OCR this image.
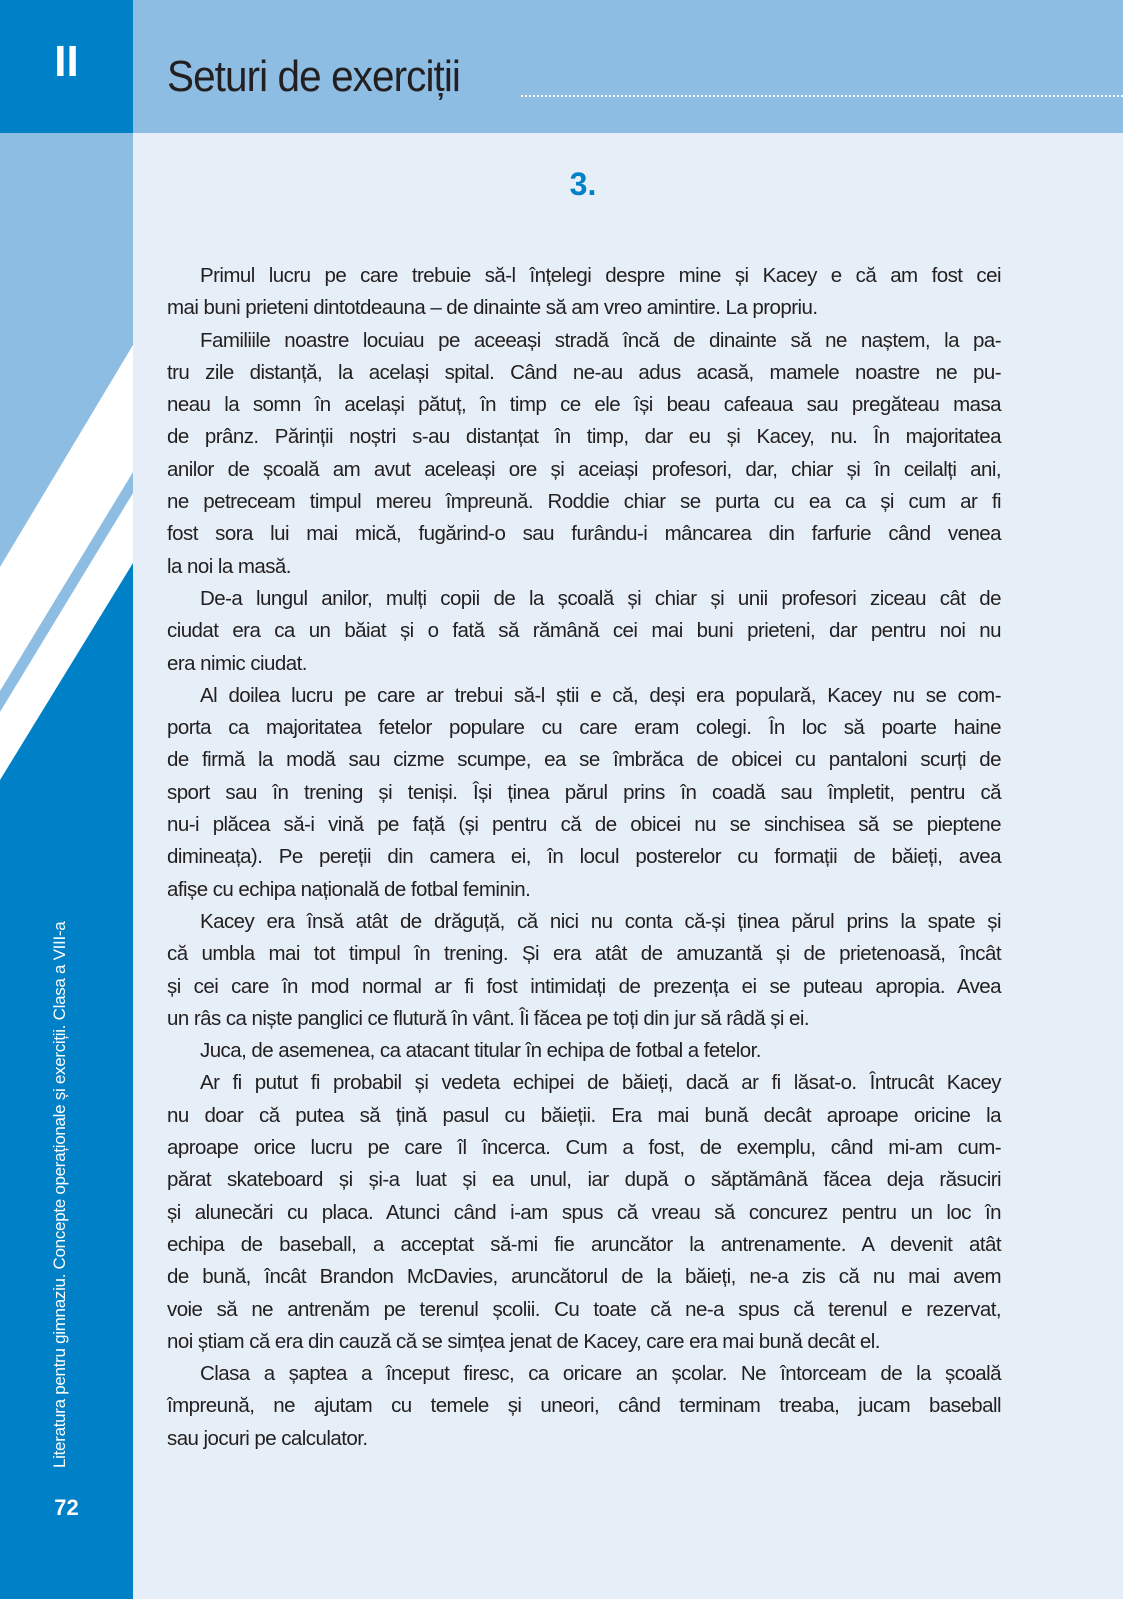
II
Literatura pentru gimnaziu. Concepte operaționale și exerciții. Clasa a VIII-a
72
Seturi de exerciții
3.
Primul lucru pe care trebuie să-l înțelegi despre mine și Kacey e că am fost cei
mai buni prieteni dintotdeauna – de dinainte să am vreo amintire. La propriu.
Familiile noastre locuiau pe aceeași stradă încă de dinainte să ne naștem, la pa-
tru zile distanță, la același spital. Când ne-au adus acasă, mamele noastre ne pu-
neau la somn în același pătuț, în timp ce ele își beau cafeaua sau pregăteau masa
de prânz. Părinții noștri s-au distanțat în timp, dar eu și Kacey, nu. În majoritatea
anilor de școală am avut aceleași ore și aceiași profesori, dar, chiar și în ceilalți ani,
ne petreceam timpul mereu împreună. Roddie chiar se purta cu ea ca și cum ar fi
fost sora lui mai mică, fugărind-o sau furându-i mâncarea din farfurie când venea
la noi la masă.
De-a lungul anilor, mulți copii de la școală și chiar și unii profesori ziceau cât de
ciudat era ca un băiat și o fată să rămână cei mai buni prieteni, dar pentru noi nu
era nimic ciudat.
Al doilea lucru pe care ar trebui să-l știi e că, deși era populară, Kacey nu se com-
porta ca majoritatea fetelor populare cu care eram colegi. În loc să poarte haine
de firmă la modă sau cizme scumpe, ea se îmbrăca de obicei cu pantaloni scurți de
sport sau în trening și teniși. Își ținea părul prins în coadă sau împletit, pentru că
nu-i plăcea să-i vină pe față (și pentru că de obicei nu se sinchisea să se pieptene
dimineața). Pe pereții din camera ei, în locul posterelor cu formații de băieți, avea
afișe cu echipa națională de fotbal feminin.
Kacey era însă atât de drăguță, că nici nu conta că-și ținea părul prins la spate și
că umbla mai tot timpul în trening. Și era atât de amuzantă și de prietenoasă, încât
și cei care în mod normal ar fi fost intimidați de prezența ei se puteau apropia. Avea
un râs ca niște panglici ce flutură în vânt. Îi făcea pe toți din jur să râdă și ei.
Juca, de asemenea, ca atacant titular în echipa de fotbal a fetelor.
Ar fi putut fi probabil și vedeta echipei de băieți, dacă ar fi lăsat-o. Întrucât Kacey
nu doar că putea să țină pasul cu băieții. Era mai bună decât aproape oricine la
aproape orice lucru pe care îl încerca. Cum a fost, de exemplu, când mi-am cum-
părat skateboard și și-a luat și ea unul, iar după o săptămână făcea deja răsuciri
și alunecări cu placa. Atunci când i-am spus că vreau să concurez pentru un loc în
echipa de baseball, a acceptat să-mi fie aruncător la antrenamente. A devenit atât
de bună, încât Brandon McDavies, aruncătorul de la băieți, ne-a zis că nu mai avem
voie să ne antrenăm pe terenul școlii. Cu toate că ne-a spus că terenul e rezervat,
noi știam că era din cauză că se simțea jenat de Kacey, care era mai bună decât el.
Clasa a șaptea a început firesc, ca oricare an școlar. Ne întorceam de la școală
împreună, ne ajutam cu temele și uneori, când terminam treaba, jucam baseball
sau jocuri pe calculator.
